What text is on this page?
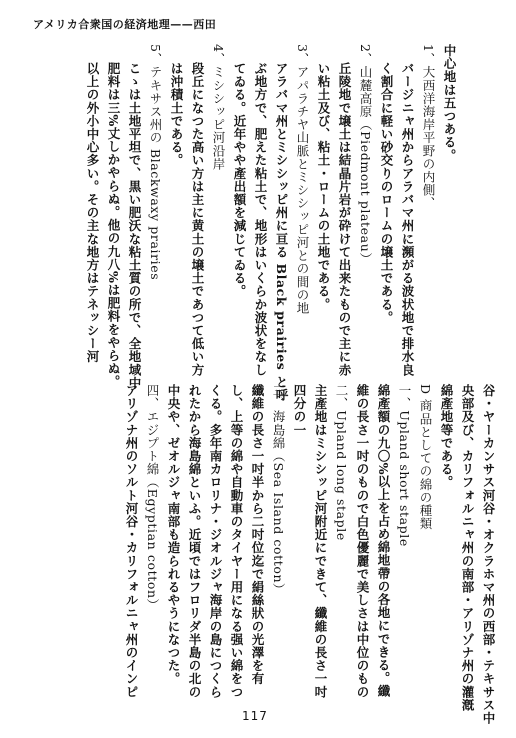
アメリカ合衆国の経済地理——西田
中心地は五つある。
1、大西洋海岸平野の内側、
バージニャ州からアラバマ州に瀕がる波状地で排水良
く割合に軽い砂交りのロームの壌土である。
2、山麓高原（Piedmont plateau）
丘陵地で壌土は結晶片岩が砕けて出来たもので主に赤
い粘土及び、粘土・ロームの土地である。
3、アパラチヤ山脈とミシシッピ河との間の地
アラバマ州とミシシッピ州に亘る Black prairies と呼
ぶ地方で、肥えた粘土で、地形はいくらか波状をなし
てゐる。近年やや產出額を減じてゐる。
4、ミシシッピ河沿岸
段丘になつた高い方は主に黄土の壌土であつて低い方
は沖積土である。
5、テキサス州の Blackwaxy prairies
こゝは土地平坦で、黒い肥沃な粘土質の所で、全地域中
肥料は三%丈しかやらぬ。他の九八%は肥料をやらぬ。
以上の外小中心多い。その主な地方はテネッシー河
谷・ヤーカンサス河谷・オクラホマ州の西部・テキサス中
央部及び、カリフォルニャ州の南部・アリゾナ州の灌漑
綿產地等である。
D 商品としての綿の種類
一、Upland short staple
綿產額の九〇%以上を占め綿地帶の各地にできる。纖
維の長さ一吋のもので白色優麗で美しさは中位のもの
二、Upland long staple
主產地はミシシッピ河附近にできて、纖維の長さ一吋
四分の一
三、海島綿（Sea Island cotton）
纖維の長さ一吋半から二吋位迄で絹絲狀の光澤を有
し、上等の綿や自動車のタイヤー用になる强い綿をつ
くる。多年南カロリナ・ジオルジャ海岸の島につくら
れたから海島綿といふ。近頃ではフロリダ半島の北の
中央や、ゼオルジャ南部も造られるやうになつた。
四、エジプト綿（Egyptian cotton）
アリゾナ州のソルト河谷・カリフォルニャ州のインピ
117
